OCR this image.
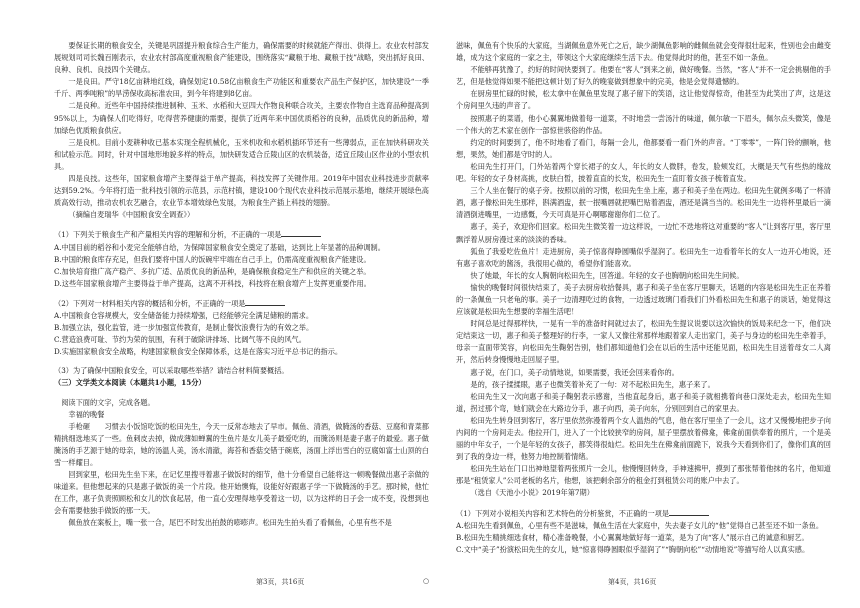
要保证长期的粮食安全，关键是巩固提升粮食综合生产能力，确保需要的时候就能产得出、供得上。农业农村部发展规划司司长魏百刚表示，农业农村部高度重视粮食产能建设，围绕落实“藏粮于地、藏粮于技”战略，突出抓好良田、良种、良机、良技四个关键点。

一是良田。严守18亿亩耕地红线，确保划定10.58亿亩粮食生产功能区和重要农产品生产保护区，加快建设“一季千斤、两季吨粮”的旱涝保收高标准农田，到今年将建到8亿亩。

二是良种。近些年中国持续推进制种、玉米、水稻和大豆四大作物良种联合攻关，主要农作物自主选育品种提高到95%以上，为确保人们吃得好，吃得营养健康的需要，提供了近两年来中国优质稻谷的良种，品质优良的新品种，增加绿色优质粮食供应。

三是良机。目前小麦耕种收已基本实现全程机械化，玉米机收和水稻机插环节还有一些薄弱点，正在加快科研攻关和试验示范。同时，针对中国地形地貌多样的特点，加快研发适合丘陵山区的农机装备，适宜丘陵山区作业的小型农机具。

四是良技。这些年，国家粮食增产主要得益于单产提高，科技发挥了关键作用。2019年中国农业科技进步贡献率达到59.2%。今年将打造一批科技引领的示范县，示范村镇，建设100个现代农业科技示范展示基地，继续开展绿色高质高效行动，推动农机农艺融合，农业节本增效绿色发展，为粮食生产插上科技的翅膀。

（摘编自麦瑞华《中国粮食安全调查》）

（1）下列关于粮食生产和产量相关内容的理解和分析，不正确的一项是

A.中国目前的稻谷和小麦完全能够自给，为保障国家粮食安全奠定了基础，达到比上年显著的品种调制。

B.中国的粮食库存充足，但我们要将中国人的饭碗牢牢端在自己手上，仍需高度重视粮食产能建设。

C.加快培育推广高产稳产、多抗广适、品质优良的新品种，是确保粮食稳定生产和供应的关键之举。

D.这些年国家粮食增产主要得益于单产提高，这离不开科技，科技将在粮食增产上发挥更重要作用。

（2）下列对一材料相关内容的概括和分析，不正确的一项是

A.中国粮食仓容规模大，安全储备能力持续增强，已经能够完全满足储粮的需求。

B.加强立法，强化监管，进一步加强宣传教育，是制止餐饮浪费行为的有效之举。

C.营造浪费可耻、节约为荣的氛围，有利于破除讲排场、比阔气等不良的风气。

D.实施国家粮食安全战略，构建国家粮食安全保障体系，这是在落实习近平总书记的指示。

（3）为了确保中国粮食安全，可以采取哪些举措？请结合材料简要概括。

（三）文学类文本阅读（本题共1小题，15分）

阅读下面的文字，完成各题。

幸福的晚餐

手枪砸　　习惯去小饭馆吃饭的松田先生，今天一反常态地去了早市。佩鱼、清酒，做腌汤的香菇、豆腐和青菜都精挑细选地买了一些。鱼刺皮去掉，做成薄如蝉翼的生鱼片是女儿美子最爱吃的，而腌汤则是妻子惠子的最爱。惠子做腌汤的手艺源于她的母亲，她的汤温人美，汤水清澈，海苔和香菇交错于碗底，汤面上浮出雪白的豆腐如富士山顶的白雪一样耀目。

回到家里，松田先生坐下来，在记忆里搜寻着惠子做饭时的细节，他十分希望自己能将这一顿晚餐做出惠子亲做的味道来。但他想起来的只是惠子做饭的美一个片段。他开始懊悔，设能好好跟惠子学一下做腌汤的手艺。那时候，他忙在工作，惠子负责照顾松和女儿的饮食起居，他一直心安理得地享受着这一切，以为这样的日子会一成不变，没想到也会有需要他独手做饭的那一天。

佩鱼放在案板上，嘴一张一合，尾巴不时发出拍鼓的嘭嘭声。松田先生拍头看了看佩鱼，心里有些不是

滋味，佩鱼有个快乐的大家庭，当湖佩鱼意外死亡之后，缺少湖佩鱼影响的雌佩鱼就会变得很壮起来，性别也会由雌变雄，成为这个家庭的一家之主，带领这个大家庭继续生活下去。他觉得此时的他，甚至不如一条鱼。

不能够再犹豫了，约好的时间快要到了。他要在“客人”到来之前，做好晚餐。当然，“客人”并不一定会挑剔他的手艺，但是他觉得如果不能把这顿计划了好久的晚宴做到想象中的完美，他是会觉得遗憾的。

在厨房里忙碌的时候，松太拿中在佩鱼里发现了惠子留下的笑语，这让他觉得惊奇，他甚至为此笑出了声，这是这个房间里久违的声音了。

按照惠子的菜谱，他小心翼翼地做着每一道菜，不时地尝一尝汤汁的味道，佩尔敏一下眉头，佩尔点头微笑，像是一个伟大的艺术家在创作一部惊世骇俗的作品。

约定的时间要到了，他不时地看了看门，每隔一会儿，他都要看一看门外的声音。“丁零零”，一阵门铃的颤响，他想，果然，她们都是守时的人。

松田先生打开门，门外站着两个穿长裙子的女人，年长的女人微胖，卷发，脸颊发红，大概是天气有些热的缘故吧。年轻的女子身材高挑，皮肤白皙，披着直直的长发，松田先生一直盯着女孩子梳着直发。

三个人坐在餐厅的桌子旁。按照以前的习惯，松田先生坐上座，惠子和美子坐在两边。松田先生就例多喝了一杯清酒，惠子像松田先生那样，斟满酒盅，抿一抿嘴唇就把嘴巴贴着酒盅，酒还是满当当的。松田先生一边将杯里最后一滴清酒倒进嘴里，一边感慨，今天可真是开心啊哪谢谢你们二位了。

惠子，美子，欢迎你们回家。松田先生微笑着一边这样说，一边忙不迭地将这对重要的“客人”让到客厅里，客厅里飘浮着从厨房漫过来的淡淡的香味。

狐鱼了我爱吃佐鱼片！走进厨房，美子惊喜得睁圆嘴似乎湿润了。松田先生一边看着年长的女人一边开心地说，还有惠子喜欢吃的酱汤，我很用心做的，希望你们能喜欢。

快了她最，年长的女人胸朝向松田先生，回答道。年轻的女子也胸朝向松田先生问候。

愉快的晚餐时间很快结束了，美子去厨房收拾餐具，惠子和美子坐在客厅里聊天，话题的内容是松田先生正在养着的一条佩鱼一只老龟的事。美子一边清理吃过的食物，一边透过玻璃门看我们门外看松田先生和惠子的谈话，她觉得这应该就是松田先生想要的幸福生活吧！

时间总是过得那样快，一晃有一半的准备时间就过去了，松田先生提议说要以这次愉快的饭局来纪念一下，他们决定结束这一切，惠子和美子整理好的行李，一家人又像往常那样地跟着家人走出家门，美子与身边的松田先生牵着手，母亲一直面带笑容，向松田先生鞠躬告别，他们都知道他们会在以后的生活中还能见面，松田先生目送着母女二人离开，然后转身慢慢地走回屋子里。

惠子说，在门口，美子动情地说，如果需要，我还会回来看你的。

是的，孩子揉揉眼，惠子也微笑着补充了一句：对不起松田先生，惠子来了。

松田先生又一次向惠子和美子鞠躬表示感谢，当他直起身后，惠子和美子就相携着向巷口深处走去，松田先生知道，拐过那个弯，她们就会在大路边分手，惠子向西，美子向东，分别回到自己的家里去。

松田先生转身回到客厅，客厅里依然弥漫着两个女人温热的气息，他在客厅里坐了一会儿，这才又慢慢地把步子向内间的一个房间走去。他拉开门，进入了一个比较狭窄的房间，屋子里摆放着佛龛，佛龛前面供奉着的照片，一个是美丽的中年女子，一个是年轻的女孩子，都笑得很灿烂。松田先生在佛龛前面跪下，说我今天看到你们了，像你们真的回到了我的身边一样，他努力地控制着情绪。

松田先生站在门口出神地望着两张照片一会儿，他慢慢回转身，手神速拂甲，摸到了那张帮着他抹的名片，他知道那是“租赁家人”公司老板的名片，他想，该把剩余部分的租金打到租赁公司的账户中去了。

（选自《天池小小说》2019年第7期）

（1）下列对小说相关内容和艺术特色的分析鉴赏，不正确的一项是

A.松田先生看到佩鱼，心里有些不是滋味，佩鱼生活在大家庭中，失去妻子女儿的“他”觉得自己甚至还不如一条鱼。

B.松田先生精挑细选食材，精心准备晚餐，小心翼翼地做好每一道菜，是为了向“客人”展示自己的诚意和厨艺。

C.文中“美子”扮演松田先生的女儿，她“惊喜得睁圆眼似乎湿润了”“胸朝向松”“动情地说”等描写给人以真实感。

第3页，共16页	○	第4页，共16页
